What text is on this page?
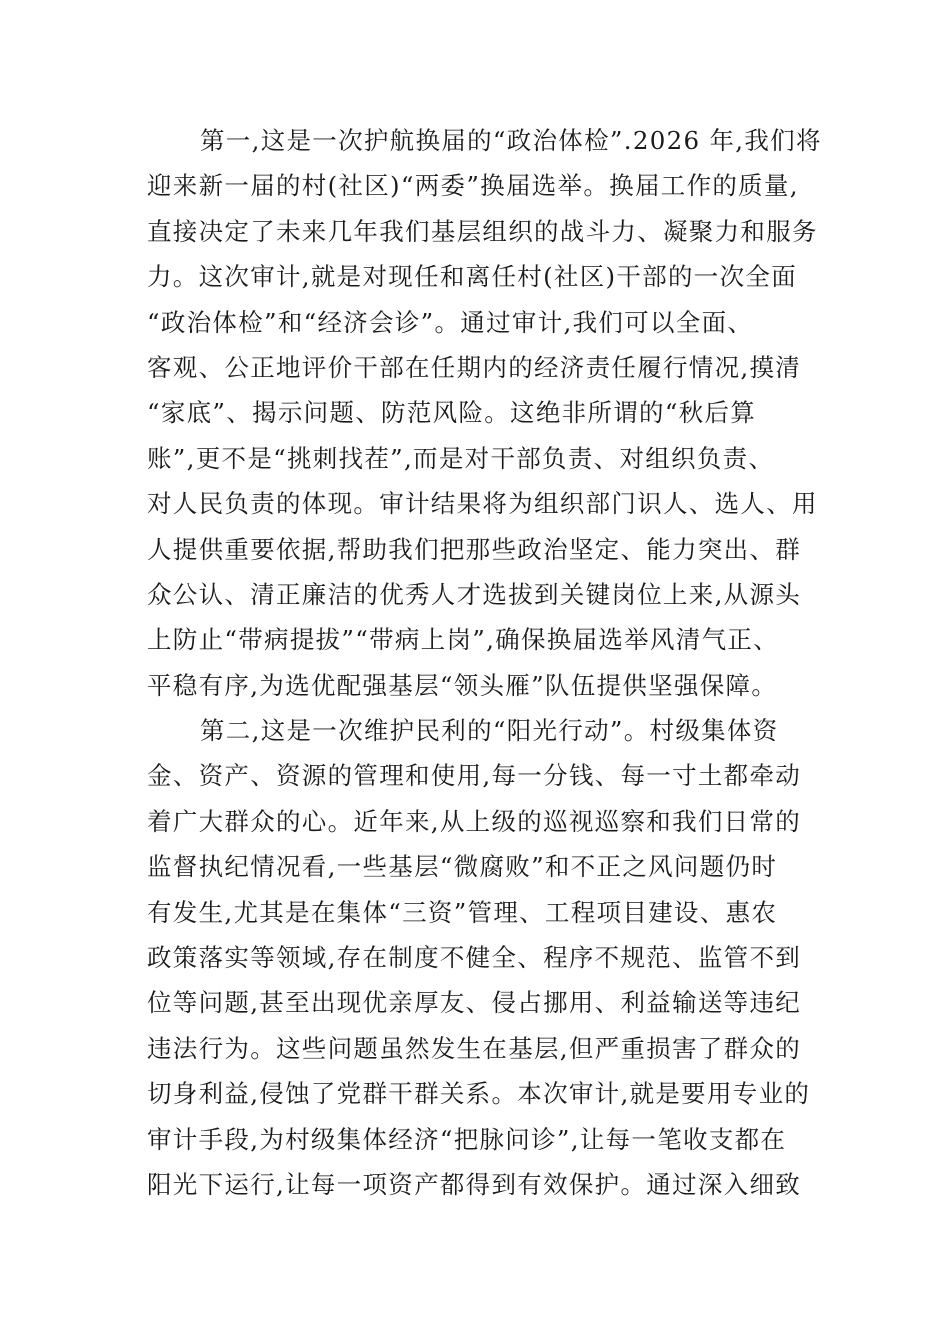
第一,这是一次护航换届的“政治体检”.2026 年,我们将
迎来新一届的村(社区)“两委”换届选举。换届工作的质量,
直接决定了未来几年我们基层组织的战斗力、凝聚力和服务
力。这次审计,就是对现任和离任村(社区)干部的一次全面
“政治体检”和“经济会诊”。通过审计,我们可以全面、
客观、公正地评价干部在任期内的经济责任履行情况,摸清
“家底”、揭示问题、防范风险。这绝非所谓的“秋后算
账”,更不是“挑刺找茬”,而是对干部负责、对组织负责、
对人民负责的体现。审计结果将为组织部门识人、选人、用
人提供重要依据,帮助我们把那些政治坚定、能力突出、群
众公认、清正廉洁的优秀人才选拔到关键岗位上来,从源头
上防止“带病提拔”“带病上岗”,确保换届选举风清气正、
平稳有序,为选优配强基层“领头雁”队伍提供坚强保障。
第二,这是一次维护民利的“阳光行动”。村级集体资
金、资产、资源的管理和使用,每一分钱、每一寸土都牵动
着广大群众的心。近年来,从上级的巡视巡察和我们日常的
监督执纪情况看,一些基层“微腐败”和不正之风问题仍时
有发生,尤其是在集体“三资”管理、工程项目建设、惠农
政策落实等领域,存在制度不健全、程序不规范、监管不到
位等问题,甚至出现优亲厚友、侵占挪用、利益输送等违纪
违法行为。这些问题虽然发生在基层,但严重损害了群众的
切身利益,侵蚀了党群干群关系。本次审计,就是要用专业的
审计手段,为村级集体经济“把脉问诊”,让每一笔收支都在
阳光下运行,让每一项资产都得到有效保护。通过深入细致
